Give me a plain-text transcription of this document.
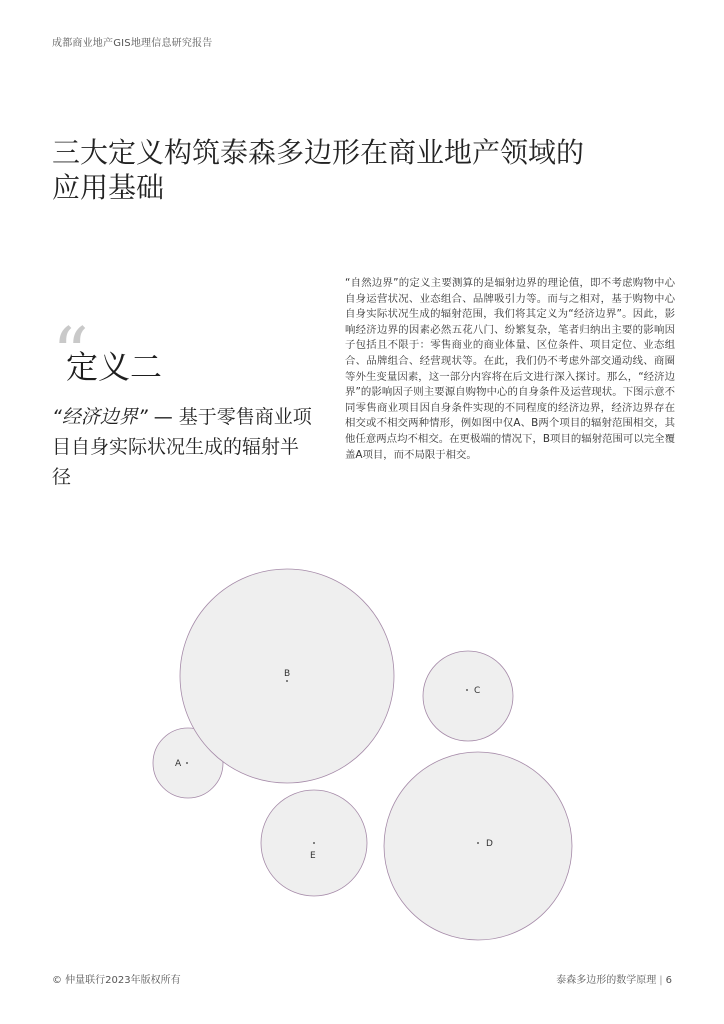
成都商业地产GIS地理信息研究报告
三大定义构筑泰森多边形在商业地产领域的
应用基础
“
定义二
“经济边界” — 基于零售商业项目自身实际状况生成的辐射半径
“自然边界”的定义主要测算的是辐射边界的理论值，即不考虑购物中心自身运营状况、业态组合、品牌吸引力等。而与之相对，基于购物中心自身实际状况生成的辐射范围，我们将其定义为“经济边界”。因此，影响经济边界的因素必然五花八门、纷繁复杂，笔者归纳出主要的影响因子包括且不限于：零售商业的商业体量、区位条件、项目定位、业态组合、品牌组合、经营现状等。在此，我们仍不考虑外部交通动线、商圈等外生变量因素，这一部分内容将在后文进行深入探讨。那么，“经济边界”的影响因子则主要源自购物中心的自身条件及运营现状。下图示意不同零售商业项目因自身条件实现的不同程度的经济边界，经济边界存在相交或不相交两种情形，例如图中仅A、B两个项目的辐射范围相交，其他任意两点均不相交。在更极端的情况下，B项目的辐射范围可以完全覆盖A项目，而不局限于相交。
A
B
C
D
E
© 仲量联行2023年版权所有	泰森多边形的数学原理 | 6
